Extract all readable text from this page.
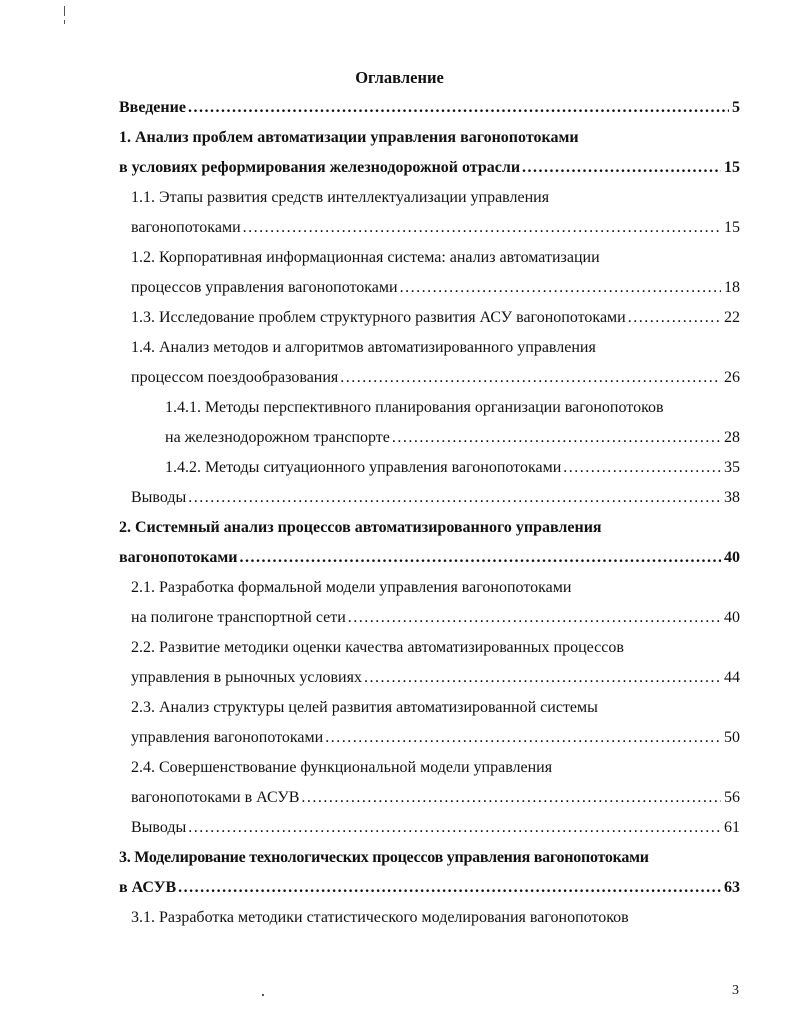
Оглавление
Введение .....	5
1. Анализ проблем автоматизации управления вагонопотоками
в условиях реформирования железнодорожной отрасли .....	15
1.1. Этапы развития средств интеллектуализации управления
вагонопотоками .....	15
1.2. Корпоративная информационная система: анализ автоматизации
процессов управления вагонопотоками .....	18
1.3. Исследование проблем структурного развития АСУ вагонопотоками .....	22
1.4. Анализ методов и алгоритмов автоматизированного управления
процессом поездообразования .....	26
1.4.1. Методы перспективного планирования организации вагонопотоков
на железнодорожном транспорте .....	28
1.4.2. Методы ситуационного управления вагонопотоками .....	35
Выводы .....	38
2. Системный анализ процессов автоматизированного управления
вагонопотоками .....	40
2.1. Разработка формальной модели управления вагонопотоками
на полигоне транспортной сети .....	40
2.2. Развитие методики оценки качества автоматизированных процессов
управления в рыночных условиях .....	44
2.3. Анализ структуры целей развития автоматизированной системы
управления вагонопотоками .....	50
2.4. Совершенствование функциональной модели управления
вагонопотоками в АСУВ .....	56
Выводы .....	61
3. Моделирование технологических процессов управления вагонопотоками
в АСУВ .....	63
3.1. Разработка методики статистического моделирования вагонопотоков
3
